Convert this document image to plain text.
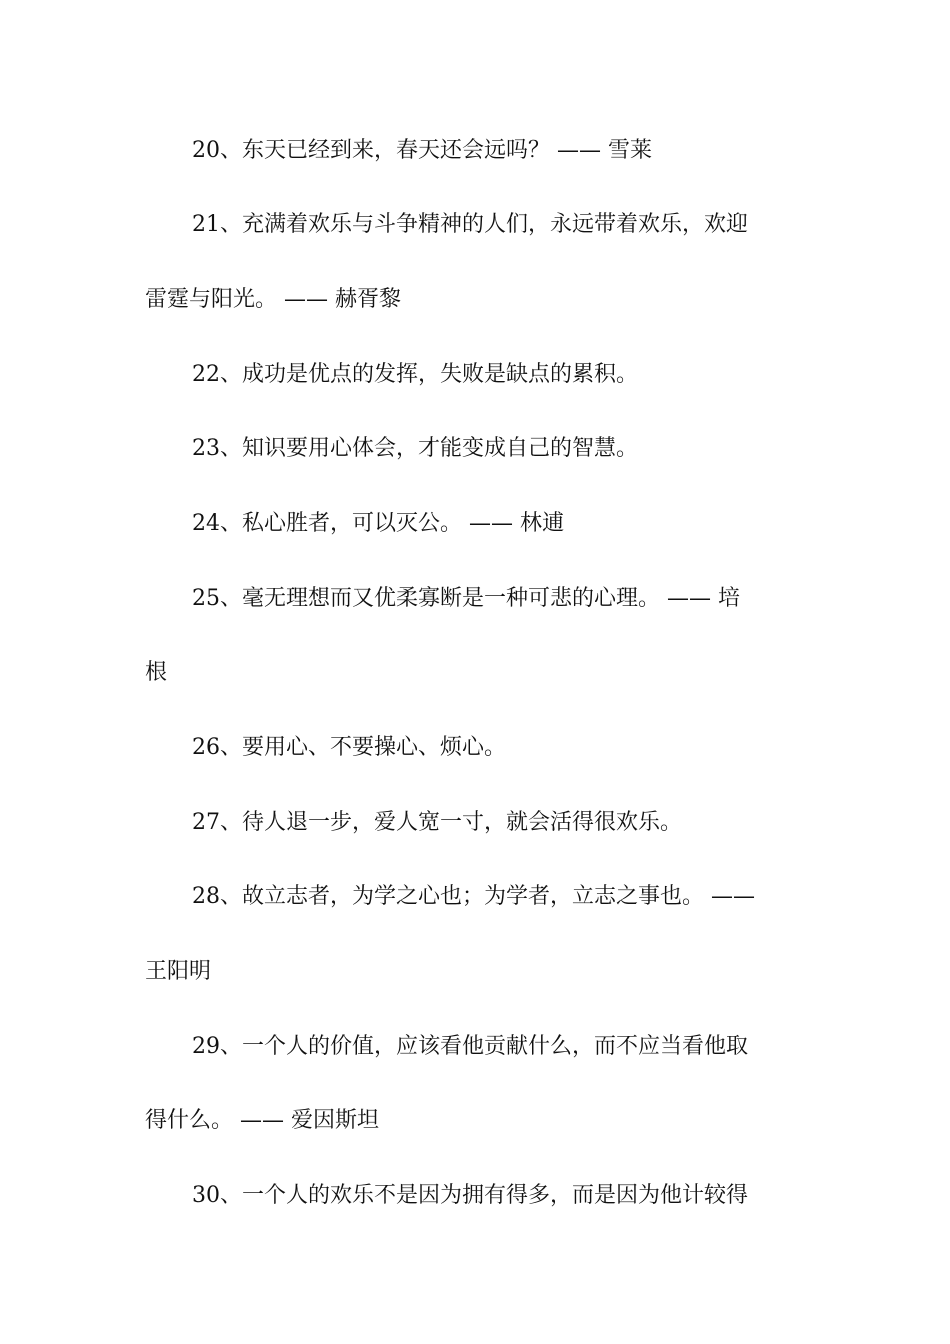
20、东天已经到来，春天还会远吗？ —— 雪莱
21、充满着欢乐与斗争精神的人们，永远带着欢乐，欢迎
雷霆与阳光。 —— 赫胥黎
22、成功是优点的发挥，失败是缺点的累积。
23、知识要用心体会，才能变成自己的智慧。
24、私心胜者，可以灭公。 —— 林逋
25、毫无理想而又优柔寡断是一种可悲的心理。 —— 培
根
26、要用心、不要操心、烦心。
27、待人退一步，爱人宽一寸，就会活得很欢乐。
28、故立志者，为学之心也；为学者，立志之事也。 ——
王阳明
29、一个人的价值，应该看他贡献什么，而不应当看他取
得什么。 —— 爱因斯坦
30、一个人的欢乐不是因为拥有得多，而是因为他计较得
